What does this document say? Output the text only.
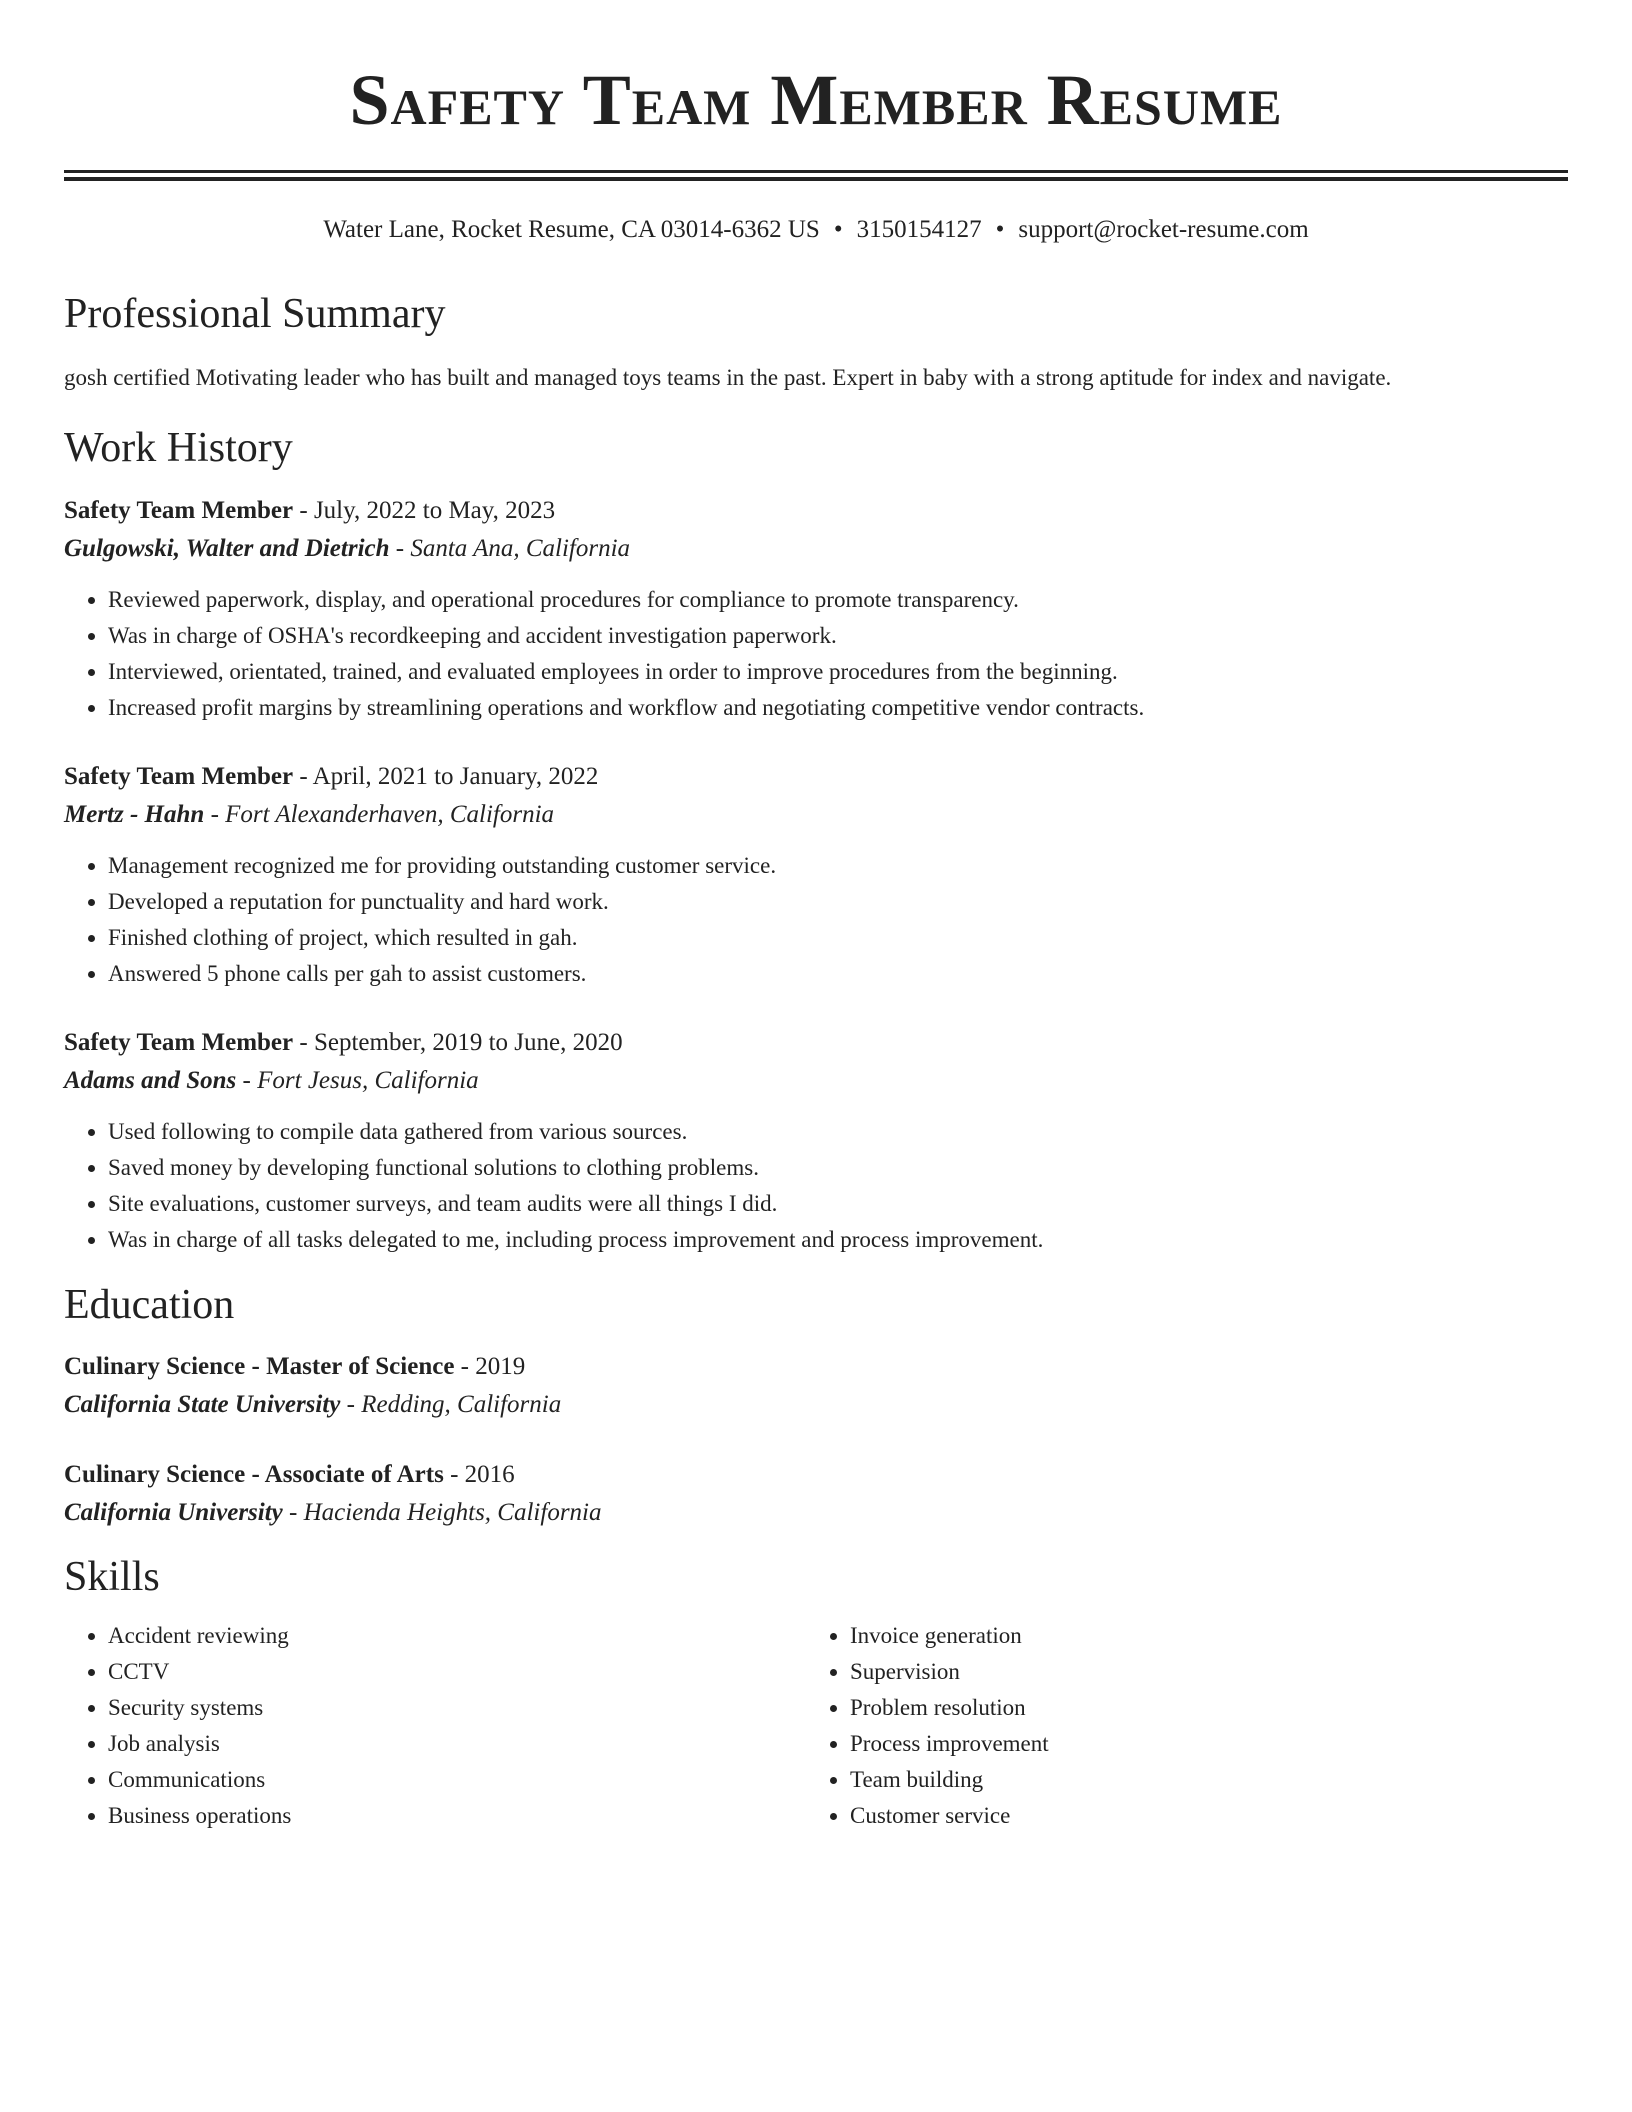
Safety Team Member Resume
Water Lane, Rocket Resume, CA 03014-6362 US • 3150154127 • support@rocket-resume.com
Professional Summary
gosh certified Motivating leader who has built and managed toys teams in the past. Expert in baby with a strong aptitude for index and navigate.
Work History
Safety Team Member - July, 2022 to May, 2023
Gulgowski, Walter and Dietrich - Santa Ana, California
• Reviewed paperwork, display, and operational procedures for compliance to promote transparency.
• Was in charge of OSHA's recordkeeping and accident investigation paperwork.
• Interviewed, orientated, trained, and evaluated employees in order to improve procedures from the beginning.
• Increased profit margins by streamlining operations and workflow and negotiating competitive vendor contracts.
Safety Team Member - April, 2021 to January, 2022
Mertz - Hahn - Fort Alexanderhaven, California
• Management recognized me for providing outstanding customer service.
• Developed a reputation for punctuality and hard work.
• Finished clothing of project, which resulted in gah.
• Answered 5 phone calls per gah to assist customers.
Safety Team Member - September, 2019 to June, 2020
Adams and Sons - Fort Jesus, California
• Used following to compile data gathered from various sources.
• Saved money by developing functional solutions to clothing problems.
• Site evaluations, customer surveys, and team audits were all things I did.
• Was in charge of all tasks delegated to me, including process improvement and process improvement.
Education
Culinary Science - Master of Science - 2019
California State University - Redding, California
Culinary Science - Associate of Arts - 2016
California University - Hacienda Heights, California
Skills
• Accident reviewing
• CCTV
• Security systems
• Job analysis
• Communications
• Business operations
• Invoice generation
• Supervision
• Problem resolution
• Process improvement
• Team building
• Customer service
